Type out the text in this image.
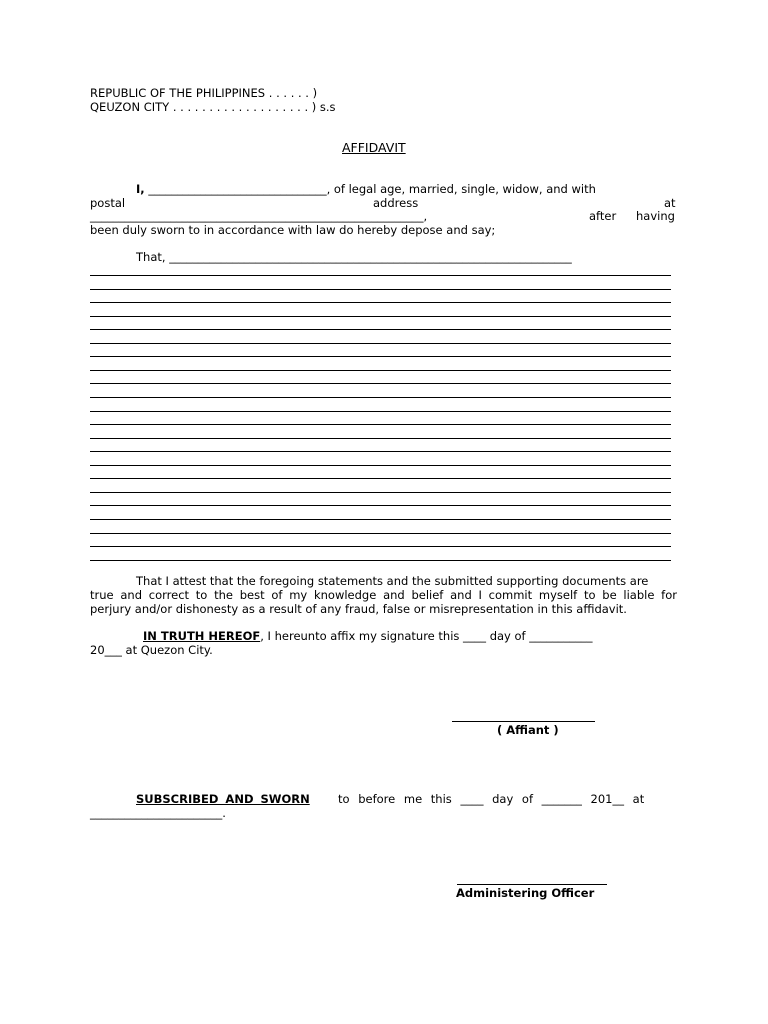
REPUBLIC OF THE PHILIPPINES . . . . . . )
QEUZON CITY . . . . . . . . . . . . . . . . . . . ) s.s
AFFIDAVIT
I, _______________________________, of legal age, married, single, widow, and with
postal	address	at
__________________________________________________________,	after having
been duly sworn to in accordance with law do hereby depose and say;
That, ______________________________________________________________________
That I attest that the foregoing statements and the submitted supporting documents are
true and correct to the best of my knowledge and belief and I commit myself to be liable for
perjury and/or dishonesty as a result of any fraud, false or misrepresentation in this affidavit.
IN TRUTH HEREOF, I hereunto affix my signature this ____ day of ___________
20___ at Quezon City.
( Affiant )
SUBSCRIBED AND SWORN to before me this ____ day of _______ 201__ at
_______________________.
Administering Officer
